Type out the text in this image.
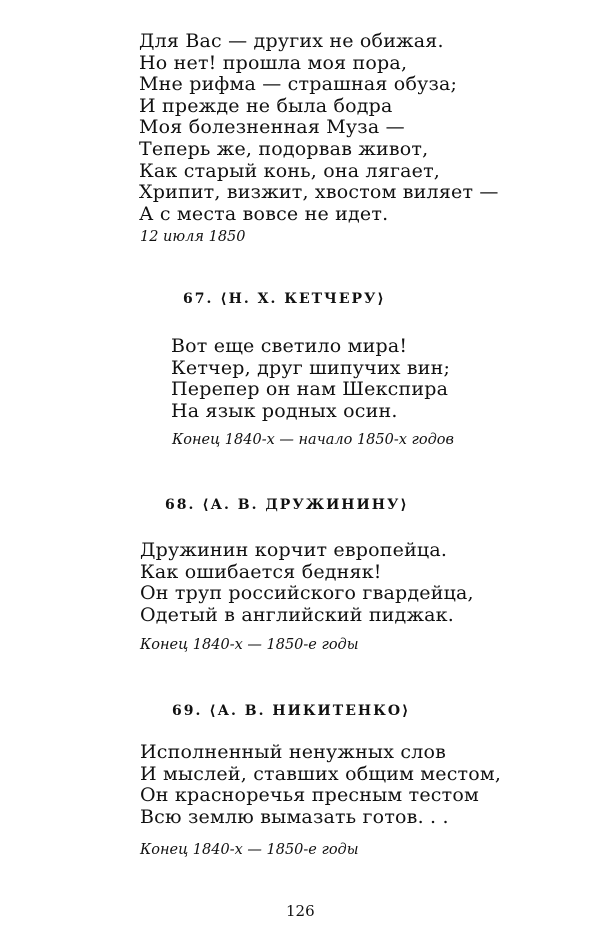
Для Вас — других не обижая.
Но нет! прошла моя пора,
Мне рифма — страшная обуза;
И прежде не была бодра
Моя болезненная Муза —
Теперь же, подорвав живот,
Как старый конь, она лягает,
Хрипит, визжит, хвостом виляет —
А с места вовсе не идет.
12 июля 1850
67. ⟨Н. Х. КЕТЧЕРУ⟩
Вот еще светило мира!
Кетчер, друг шипучих вин;
Перепер он нам Шекспира
На язык родных осин.
Конец 1840-х — начало 1850-х годов
68. ⟨А. В. ДРУЖИНИНУ⟩
Дружинин корчит европейца.
Как ошибается бедняк!
Он труп российского гвардейца,
Одетый в английский пиджак.
Конец 1840-х — 1850-е годы
69. ⟨А. В. НИКИТЕНКО⟩
Исполненный ненужных слов
И мыслей, ставших общим местом,
Он красноречья пресным тестом
Всю землю вымазать готов. . .
Конец 1840-х — 1850-е годы
126
